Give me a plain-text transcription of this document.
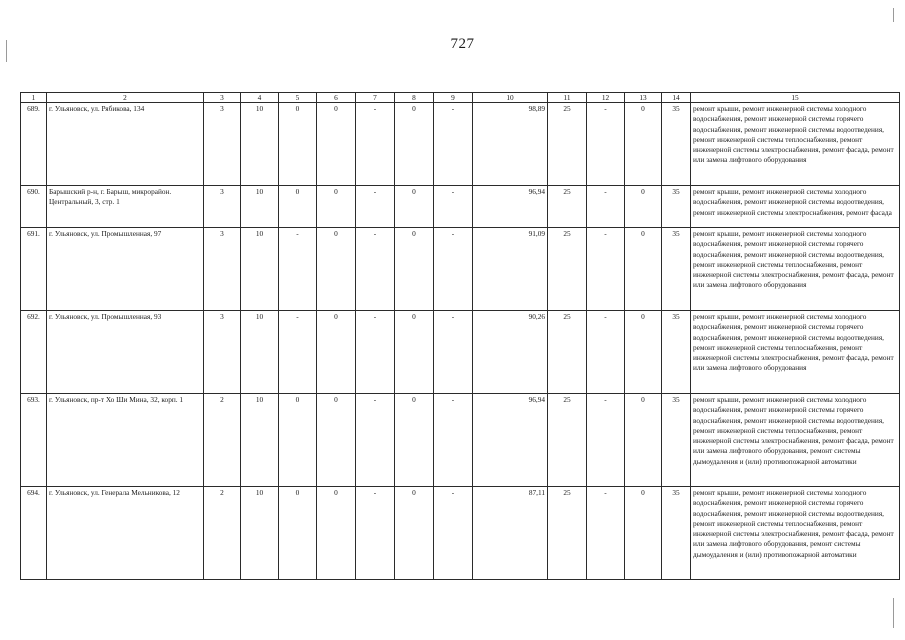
727
1	2	3	4	5	6	7	8	9	10	11	12	13	14	15
689.	г. Ульяновск, ул. Рябикова, 134	3	10	0	0	-	0	-	98,89	25	-	0	35	ремонт крыши, ремонт инженерной системы холодного водоснабжения, ремонт инженерной системы горячего водоснабжения, ремонт инженерной системы водоотведения, ремонт инженерной системы теплоснабжения, ремонт инженерной системы электроснабжения, ремонт фасада, ремонт или замена лифтового оборудования
690.	Барышский р-н, г. Барыш, микрорайон. Центральный, 3, стр. 1	3	10	0	0	-	0	-	96,94	25	-	0	35	ремонт крыши, ремонт инженерной системы холодного водоснабжения, ремонт инженерной системы водоотведения, ремонт инженерной системы электроснабжения, ремонт фасада
691.	г. Ульяновск, ул. Промышленная, 97	3	10	-	0	-	0	-	91,09	25	-	0	35	ремонт крыши, ремонт инженерной системы холодного водоснабжения, ремонт инженерной системы горячего водоснабжения, ремонт инженерной системы водоотведения, ремонт инженерной системы теплоснабжения, ремонт инженерной системы электроснабжения, ремонт фасада, ремонт или замена лифтового оборудования
692.	г. Ульяновск, ул. Промышленная, 93	3	10	-	0	-	0	-	90,26	25	-	0	35	ремонт крыши, ремонт инженерной системы холодного водоснабжения, ремонт инженерной системы горячего водоснабжения, ремонт инженерной системы водоотведения, ремонт инженерной системы теплоснабжения, ремонт инженерной системы электроснабжения, ремонт фасада, ремонт или замена лифтового оборудования
693.	г. Ульяновск, пр-т Хо Ши Мина, 32, корп. 1	2	10	0	0	-	0	-	96,94	25	-	0	35	ремонт крыши, ремонт инженерной системы холодного водоснабжения, ремонт инженерной системы горячего водоснабжения, ремонт инженерной системы водоотведения, ремонт инженерной системы теплоснабжения, ремонт инженерной системы электроснабжения, ремонт фасада, ремонт или замена лифтового оборудования, ремонт системы дымоудаления и (или) противопожарной автоматики
694.	г. Ульяновск, ул. Генерала Мельникова, 12	2	10	0	0	-	0	-	87,11	25	-	0	35	ремонт крыши, ремонт инженерной системы холодного водоснабжения, ремонт инженерной системы горячего водоснабжения, ремонт инженерной системы водоотведения, ремонт инженерной системы теплоснабжения, ремонт инженерной системы электроснабжения, ремонт фасада, ремонт или замена лифтового оборудования, ремонт системы дымоудаления и (или) противопожарной автоматики
